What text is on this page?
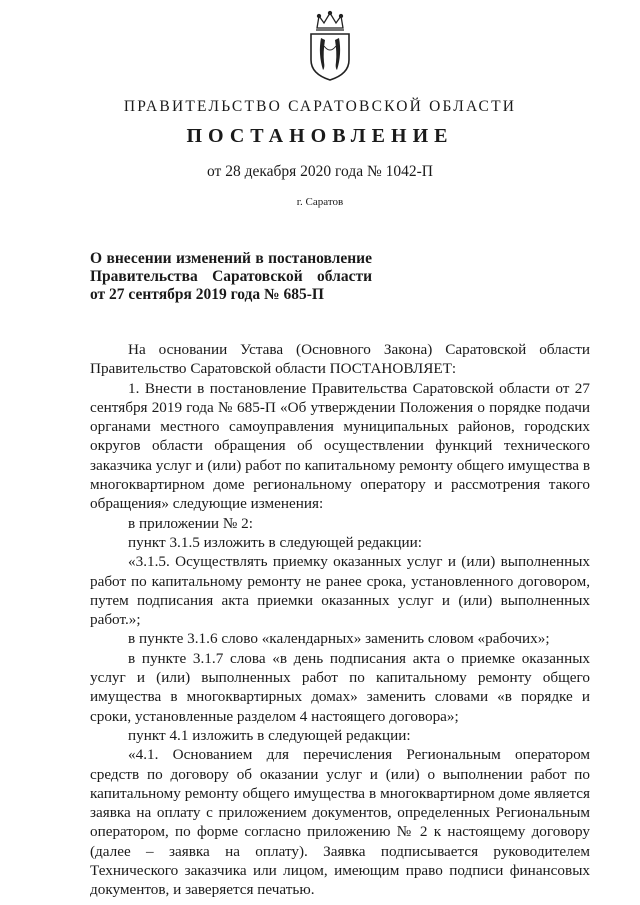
ПРАВИТЕЛЬСТВО САРАТОВСКОЙ ОБЛАСТИ
ПОСТАНОВЛЕНИЕ
от 28 декабря 2020 года № 1042-П
г. Саратов
О внесении изменений в постановление
Правительства Саратовской области
от 27 сентября 2019 года № 685-П

На основании Устава (Основного Закона) Саратовской области Правительство Саратовской области ПОСТАНОВЛЯЕТ:

1. Внести в постановление Правительства Саратовской области от 27 сентября 2019 года № 685-П «Об утверждении Положения о порядке подачи органами местного самоуправления муниципальных районов, городских округов области обращения об осуществлении функций технического заказчика услуг и (или) работ по капитальному ремонту общего имущества в многоквартирном доме региональному оператору и рассмотрения такого обращения» следующие изменения:

в приложении № 2:

пункт 3.1.5 изложить в следующей редакции:

«3.1.5. Осуществлять приемку оказанных услуг и (или) выполненных работ по капитальному ремонту не ранее срока, установленного договором, путем подписания акта приемки оказанных услуг и (или) выполненных работ.»;

в пункте 3.1.6 слово «календарных» заменить словом «рабочих»;

в пункте 3.1.7 слова «в день подписания акта о приемке оказанных услуг и (или) выполненных работ по капитальному ремонту общего имущества в многоквартирных домах» заменить словами «в порядке и сроки, установленные разделом 4 настоящего договора»;

пункт 4.1 изложить в следующей редакции:

«4.1. Основанием для перечисления Региональным оператором средств по договору об оказании услуг и (или) о выполнении работ по капитальному ремонту общего имущества в многоквартирном доме является заявка на оплату с приложением документов, определенных Региональным оператором, по форме согласно приложению № 2 к настоящему договору (далее – заявка на оплату). Заявка подписывается руководителем Технического заказчика или лицом, имеющим право подписи финансовых документов, и заверяется печатью.
